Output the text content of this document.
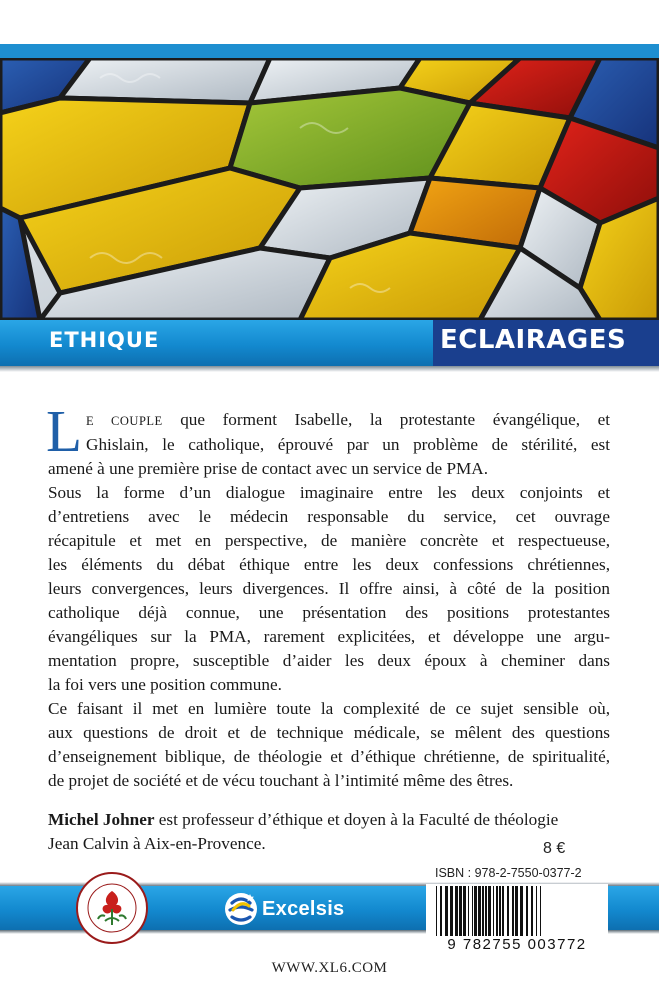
ETHIQUE	ECLAIRAGES
L E COUPLE que forment Isabelle, la protestante évangélique, et
Ghislain, le catholique, éprouvé par un problème de stérilité, est
amené à une première prise de contact avec un service de PMA.
Sous la forme d’un dialogue imaginaire entre les deux conjoints et
d’entretiens avec le médecin responsable du service, cet ouvrage
récapitule et met en perspective, de manière concrète et respectueuse,
les éléments du débat éthique entre les deux confessions chrétiennes,
leurs convergences, leurs divergences. Il offre ainsi, à côté de la position
catholique déjà connue, une présentation des positions protestantes
évangéliques sur la PMA, rarement explicitées, et développe une argu-
mentation propre, susceptible d’aider les deux époux à cheminer dans
la foi vers une position commune.
Ce faisant il met en lumière toute la complexité de ce sujet sensible où,
aux questions de droit et de technique médicale, se mêlent des questions
d’enseignement biblique, de théologie et d’éthique chrétienne, de spiritualité,
de projet de société et de vécu touchant à l’intimité même des êtres.
Michel Johner est professeur d’éthique et doyen à la Faculté de théologie
Jean Calvin à Aix-en-Provence.	8 €
ISBN : 978-2-7550-0377-2
Excelsis
9 782755 003772
WWW.XL6.COM
